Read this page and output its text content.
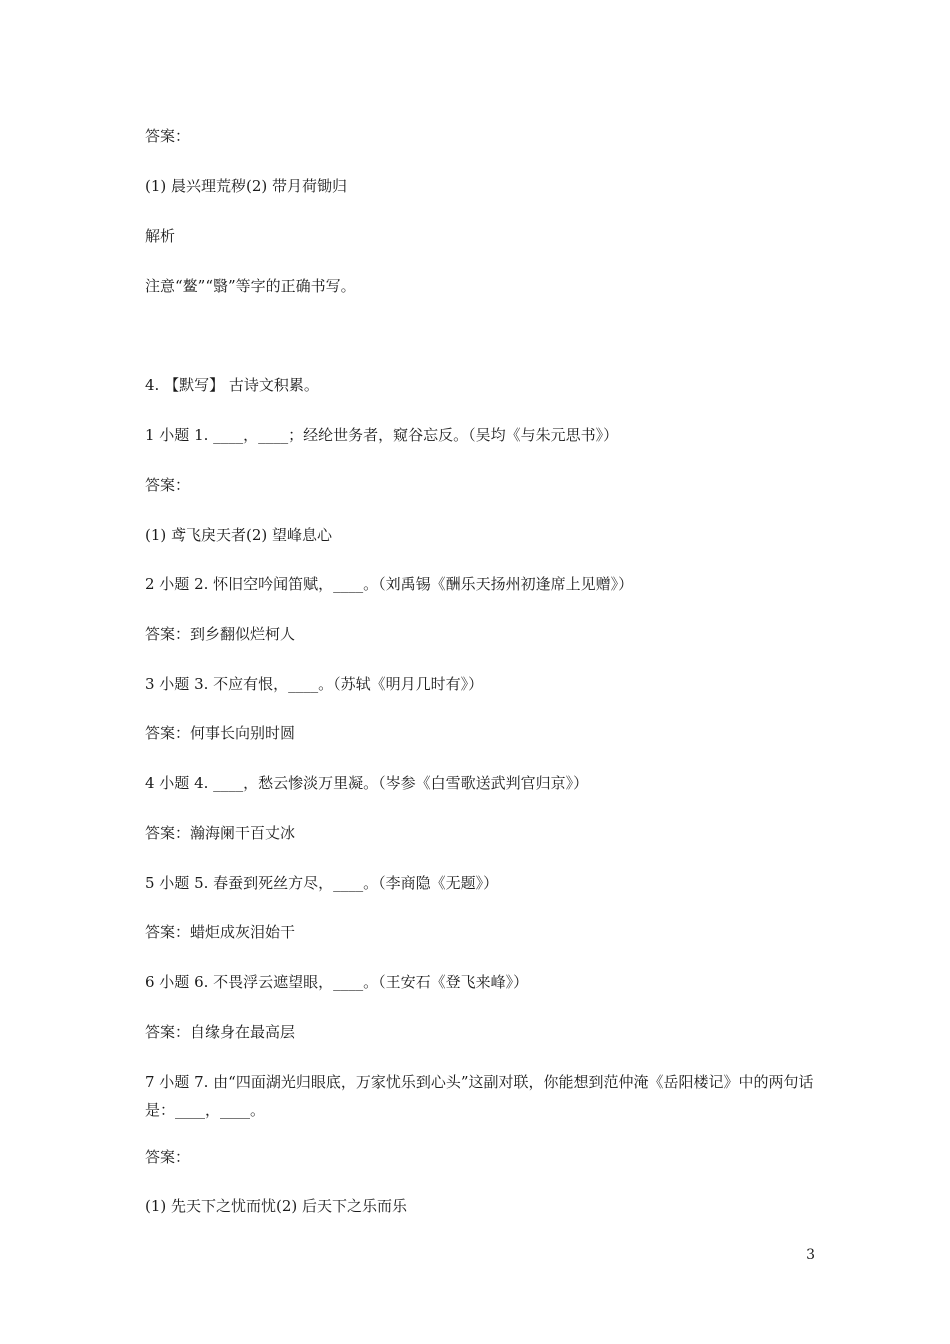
答案：
(1) 晨兴理荒秽(2) 带月荷锄归
解析
注意“鳌”“翳”等字的正确书写。
4. 【默写】 古诗文积累。
1 小题 1. ____，____；经纶世务者，窥谷忘反。（吴均《与朱元思书》）
答案：
(1) 鸢飞戾天者(2) 望峰息心
2 小题 2. 怀旧空吟闻笛赋，____。（刘禹锡《酬乐天扬州初逢席上见赠》）
答案：到乡翻似烂柯人
3 小题 3. 不应有恨，____。（苏轼《明月几时有》）
答案：何事长向别时圆
4 小题 4. ____，愁云惨淡万里凝。（岑参《白雪歌送武判官归京》）
答案：瀚海阑干百丈冰
5 小题 5. 春蚕到死丝方尽，____。（李商隐《无题》）
答案：蜡炬成灰泪始干
6 小题 6. 不畏浮云遮望眼，____。（王安石《登飞来峰》）
答案：自缘身在最高层
7 小题 7. 由“四面湖光归眼底，万家忧乐到心头”这副对联，你能想到范仲淹《岳阳楼记》中的两句话是：____，____。
答案：
(1) 先天下之忧而忧(2) 后天下之乐而乐
3
